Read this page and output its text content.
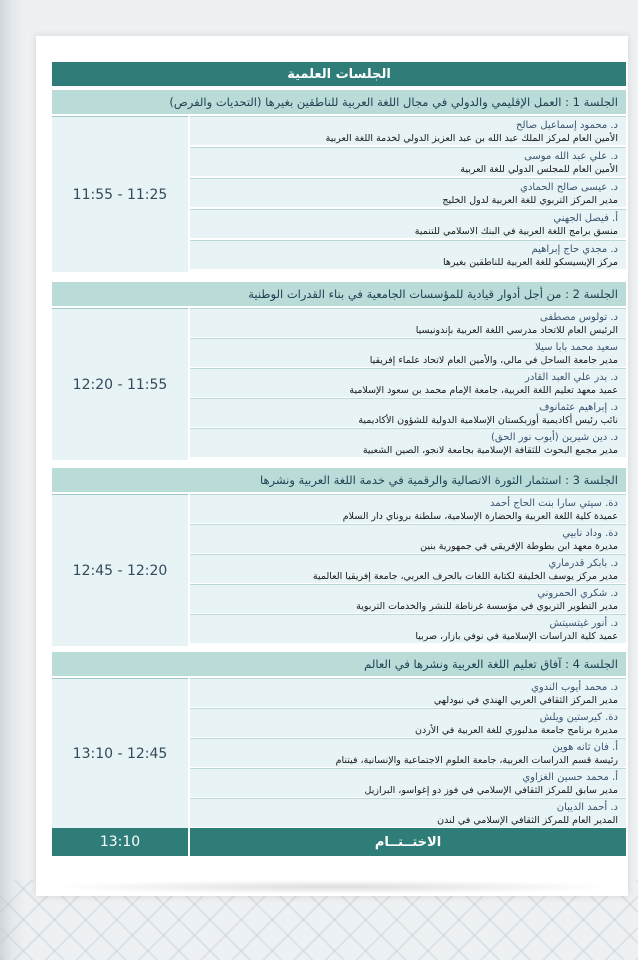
الجلسات العلمية
الجلسة 1 : العمل الإقليمي والدولي في مجال اللغة العربية للناطقين بغيرها (التحديات والفرص)
11:55 - 11:25
د. محمود إسماعيل صالح
الأمين العام لمركز الملك عبد الله بن عبد العزيز الدولي لخدمة اللغة العربية
د. علي عبد الله موسى
الأمين العام للمجلس الدولي للغة العربية
د. عيسى صالح الحمادي
مدير المركز التربوي للغة العربية لدول الخليج
أ. فيصل الجهني
منسق برامج اللغة العربية في البنك الاسلامي للتنمية
د. مجدي حاج إبراهيم
مركز الإيسيسكو للغة العربية للناطقين بغيرها
الجلسة 2 : من أجل أدوار قيادية للمؤسسات الجامعية في بناء القدرات الوطنية
12:20 - 11:55
د. تولوس مصطفى
الرئيس العام للاتحاد مدرسي اللغة العربية بإندونيسيا
سعيد محمد بابا سيلا
مدير جامعة الساحل في مالي، والأمين العام لاتحاد علماء إفريقيا
د. بدر علي العبد القادر
عميد معهد تعليم اللغة العربية، جامعة الإمام محمد بن سعود الإسلامية
د. إبراهيم عثمانوف
نائب رئيس أكاديمية أوزبكستان الإسلامية الدولية للشؤون الأكاديمية
د. دين شيرين (أيوب نور الحق)
مدير مجمع البحوث للثقافة الإسلامية بجامعة لانجو، الصين الشعبية
الجلسة 3 : استثمار الثورة الاتصالية والرقمية في خدمة اللغة العربية ونشرها
12:45 - 12:20
دة. سيتي سارا بنت الحاج أحمد
عميدة كلية اللغة العربية والحضارة الإسلامية، سلطنة بروناي دار السلام
دة. وداد نابيي
مديرة معهد ابن بطوطة الإفريقي في جمهورية بنين
د. بابكر قدرماري
مدير مركز يوسف الخليفة لكتابة اللغات بالحرف العربي، جامعة إفريقيا العالمية
د. شكري الحمروني
مدير التطوير التربوي في مؤسسة غرناطة للنشر والخدمات التربوية
د. أنور غيتسيتش
عميد كلية الدراسات الإسلامية في نوفي بازار، صربيا
الجلسة 4 : آفاق تعليم اللغة العربية ونشرها في العالم
13:10 - 12:45
د. محمد أيوب الندوي
مدير المركز الثقافي العربي الهندي في نيودلهي
دة. كيرستين ويلش
مديرة برنامج جامعة مدلبوري للغة العربية في الأردن
أ. فان ثانه هوين
رئيسة قسم الدراسات العربية، جامعة العلوم الاجتماعية والإنسانية، فيتنام
أ. محمد حسين الغزاوي
مدير سابق للمركز الثقافي الإسلامي في فوز دو إغواسو، البرازيل
د. أحمد الديبان
المدير العام للمركز الثقافي الإسلامي في لندن
الاختــتــام
13:10
